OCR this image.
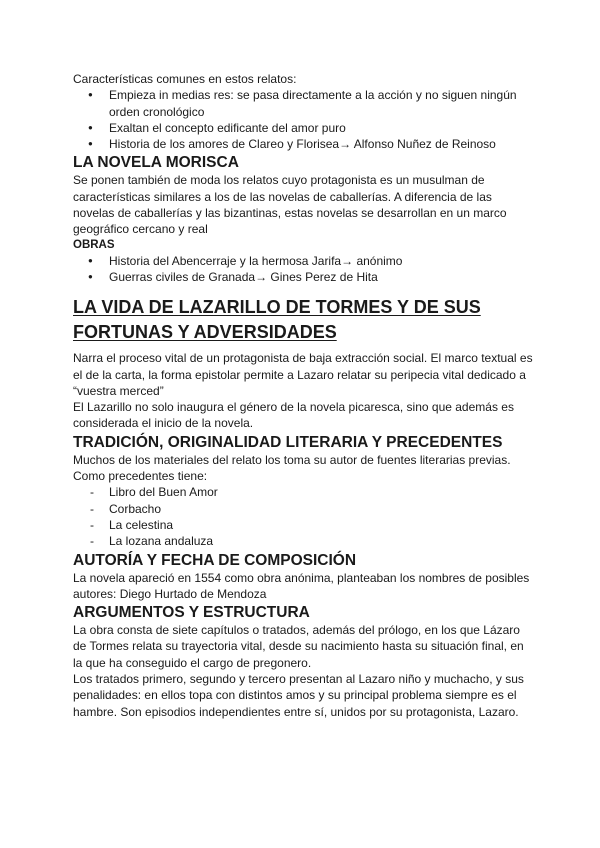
Características comunes en estos relatos:

● Empieza in medias res: se pasa directamente a la acción y no siguen ningún orden cronológico
● Exaltan el concepto edificante del amor puro
● Historia de los amores de Clareo y Florisea→ Alfonso Nuñez de Reinoso
LA NOVELA MORISCA

Se ponen también de moda los relatos cuyo protagonista es un musulman de características similares a los de las novelas de caballerías. A diferencia de las novelas de caballerías y las bizantinas, estas novelas se desarrollan en un marco geográfico cercano y real

OBRAS
● Historia del Abencerraje y la hermosa Jarifa→ anónimo
● Guerras civiles de Granada→ Gines Perez de Hita
LA VIDA DE LAZARILLO DE TORMES Y DE SUS
FORTUNAS Y ADVERSIDADES

Narra el proceso vital de un protagonista de baja extracción social. El marco textual es el de la carta, la forma epistolar permite a Lazaro relatar su peripecia vital dedicado a “vuestra merced”

El Lazarillo no solo inaugura el género de la novela picaresca, sino que además es considerada el inicio de la novela.

TRADICIÓN, ORIGINALIDAD LITERARIA Y PRECEDENTES

Muchos de los materiales del relato los toma su autor de fuentes literarias previas. Como precedentes tiene:

- Libro del Buen Amor
- Corbacho
- La celestina
- La lozana andaluza
AUTORÍA Y FECHA DE COMPOSICIÓN

La novela apareció en 1554 como obra anónima, planteaban los nombres de posibles autores: Diego Hurtado de Mendoza

ARGUMENTOS Y ESTRUCTURA

La obra consta de siete capítulos o tratados, además del prólogo, en los que Lázaro de Tormes relata su trayectoria vital, desde su nacimiento hasta su situación final, en la que ha conseguido el cargo de pregonero.

Los tratados primero, segundo y tercero presentan al Lazaro niño y muchacho, y sus penalidades: en ellos topa con distintos amos y su principal problema siempre es el hambre. Son episodios independientes entre sí, unidos por su protagonista, Lazaro.
